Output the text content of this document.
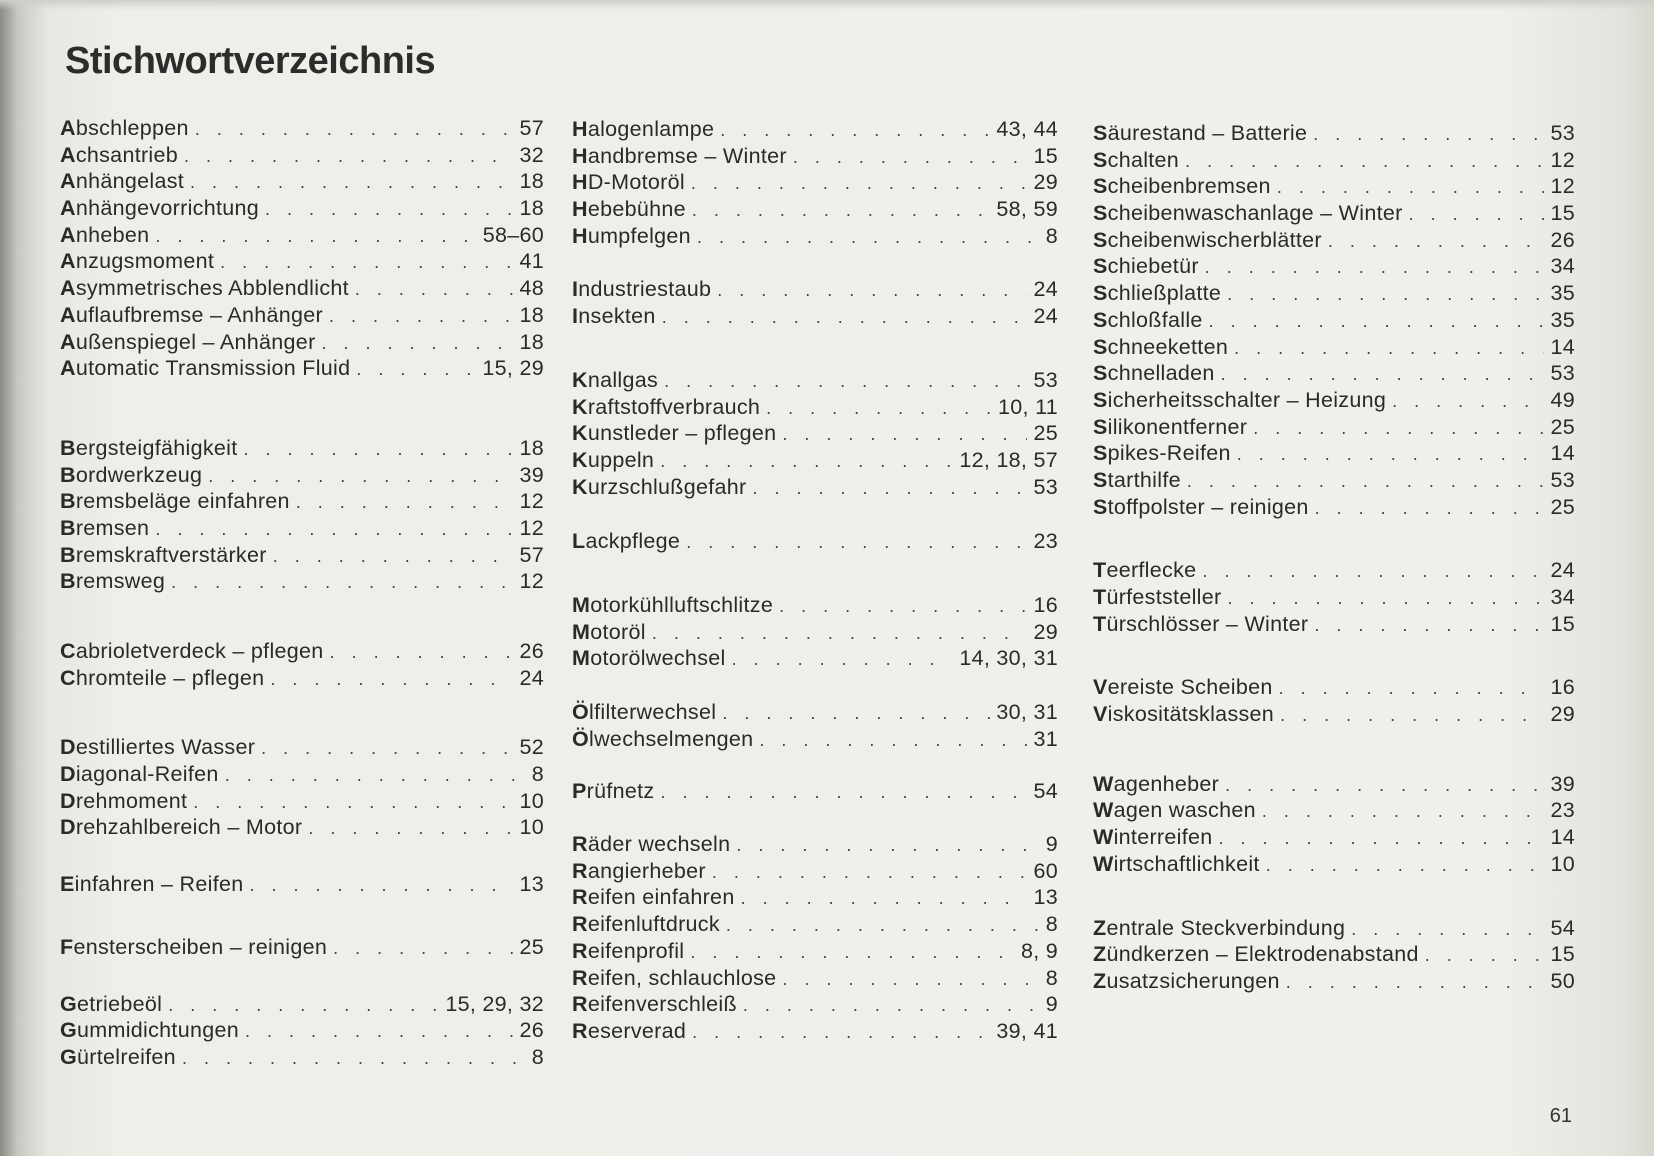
Stichwortverzeichnis
Abschleppen . . .	57
Achsantrieb . . .	32
Anhängelast . . .	18
Anhängevorrichtung . . .	18
Anheben . . .	58–60
Anzugsmoment . . .	41
Asymmetrisches Abblendlicht . . .	48
Auflaufbremse – Anhänger . . .	18
Außenspiegel – Anhänger . . .	18
Automatic Transmission Fluid . . .	15, 29
Bergsteigfähigkeit . . .	18
Bordwerkzeug . . .	39
Bremsbeläge einfahren . . .	12
Bremsen . . .	12
Bremskraftverstärker . . .	57
Bremsweg . . .	12
Cabrioletverdeck – pflegen . . .	26
Chromteile – pflegen . . .	24
Destilliertes Wasser . . .	52
Diagonal-Reifen . . .	8
Drehmoment . . .	10
Drehzahlbereich – Motor . . .	10
Einfahren – Reifen . . .	13
Fensterscheiben – reinigen . . .	25
Getriebeöl . . .	15, 29, 32
Gummidichtungen . . .	26
Gürtelreifen . . .	8
Halogenlampe . . .	43, 44
Handbremse – Winter . . .	15
HD-Motoröl . . .	29
Hebebühne . . .	58, 59
Humpfelgen . . .	8
Industriestaub . . .	24
Insekten . . .	24
Knallgas . . .	53
Kraftstoffverbrauch . . .	10, 11
Kunstleder – pflegen . . .	25
Kuppeln . . .	12, 18, 57
Kurzschlußgefahr . . .	53
Lackpflege . . .	23
Motorkühlluftschlitze . . .	16
Motoröl . . .	29
Motorölwechsel . . .	14, 30, 31
Ölfilterwechsel . . .	30, 31
Ölwechselmengen . . .	31
Prüfnetz . . .	54
Räder wechseln . . .	9
Rangierheber . . .	60
Reifen einfahren . . .	13
Reifenluftdruck . . .	8
Reifenprofil . . .	8, 9
Reifen, schlauchlose . . .	8
Reifenverschleiß . . .	9
Reserverad . . .	39, 41
Säurestand – Batterie . . .	53
Schalten . . .	12
Scheibenbremsen . . .	12
Scheibenwaschanlage – Winter . . .	15
Scheibenwischerblätter . . .	26
Schiebetür . . .	34
Schließplatte . . .	35
Schloßfalle . . .	35
Schneeketten . . .	14
Schnelladen . . .	53
Sicherheitsschalter – Heizung . . .	49
Silikonentferner . . .	25
Spikes-Reifen . . .	14
Starthilfe . . .	53
Stoffpolster – reinigen . . .	25
Teerflecke . . .	24
Türfeststeller . . .	34
Türschlösser – Winter . . .	15
Vereiste Scheiben . . .	16
Viskositätsklassen . . .	29
Wagenheber . . .	39
Wagen waschen . . .	23
Winterreifen . . .	14
Wirtschaftlichkeit . . .	10
Zentrale Steckverbindung . . .	54
Zündkerzen – Elektrodenabstand . . .	15
Zusatzsicherungen . . .	50
61
